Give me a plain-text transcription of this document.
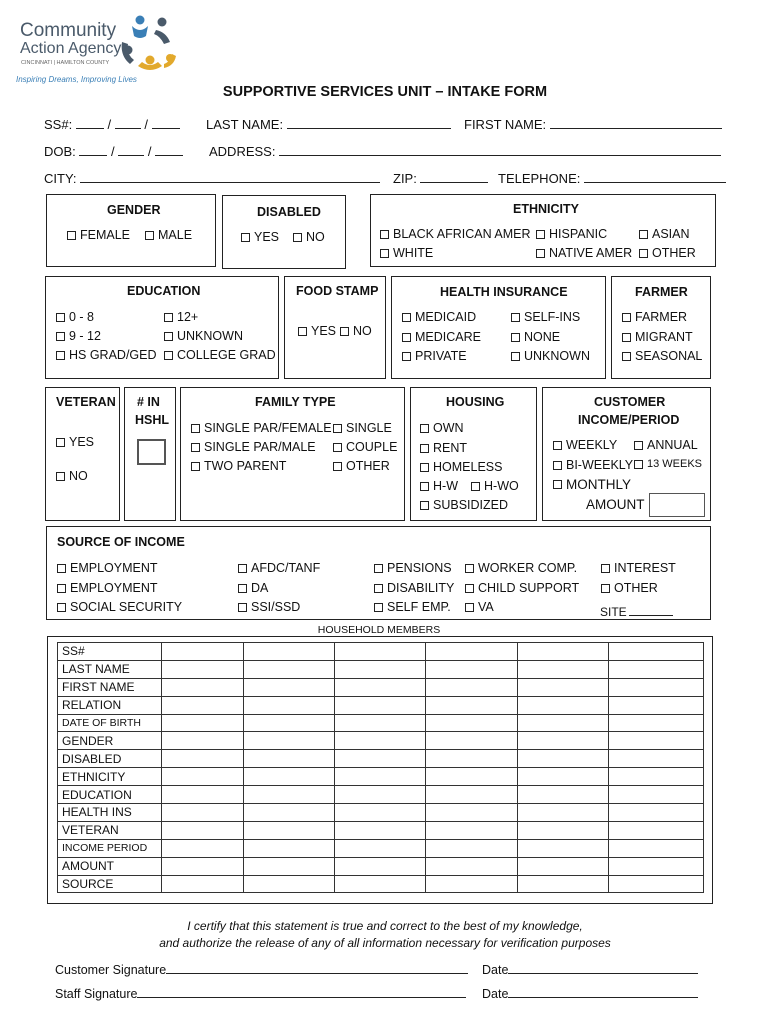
Community
Action Agency
CINCINNATI | HAMILTON COUNTY
Inspiring Dreams, Improving Lives
SUPPORTIVE SERVICES UNIT – INTAKE FORM
SS#:	/	/	LAST NAME:	FIRST NAME:
DOB:	/	/	ADDRESS:
CITY:	ZIP:	TELEPHONE:
GENDER
FEMALE MALE
DISABLED
YES NO
ETHNICITY
BLACK AFRICAN AMER HISPANIC	ASIAN
WHITE	NATIVE AMER OTHER
EDUCATION
0 - 8	12+
9 - 12	UNKNOWN
HS GRAD/GED COLLEGE GRAD
FOOD STAMP
YES NO
HEALTH INSURANCE
MEDICAID	SELF-INS
MEDICARE	NONE
PRIVATE	UNKNOWN
FARMER
FARMER
MIGRANT
SEASONAL
VETERAN
YES
NO
# IN
HSHL
FAMILY TYPE
SINGLE PAR/FEMALE SINGLE
SINGLE PAR/MALE COUPLE
TWO PARENT	OTHER
HOUSING
OWN
RENT
HOMELESS
H-W H-WO
SUBSIDIZED
CUSTOMER
INCOME/PERIOD
WEEKLY ANNUAL
BI-WEEKLY 13 WEEKS
MONTHLY
AMOUNT
SOURCE OF INCOME
EMPLOYMENT	AFDC/TANF	PENSIONS WORKER COMP.	INTEREST
EMPLOYMENT	DA	DISABILITY CHILD SUPPORT	OTHER
SOCIAL SECURITY	SSI/SSD	SELF EMP. VA	SITE
HOUSEHOLD MEMBERS
SS#						
LAST NAME						
FIRST NAME						
RELATION						
DATE OF BIRTH						
GENDER						
DISABLED						
ETHNICITY						
EDUCATION						
HEALTH INS						
VETERAN						
INCOME PERIOD						
AMOUNT						
SOURCE						
I certify that this statement is true and correct to the best of my knowledge,
and authorize the release of any of all information necessary for verification purposes
Customer Signature	Date
Staff Signature	Date
